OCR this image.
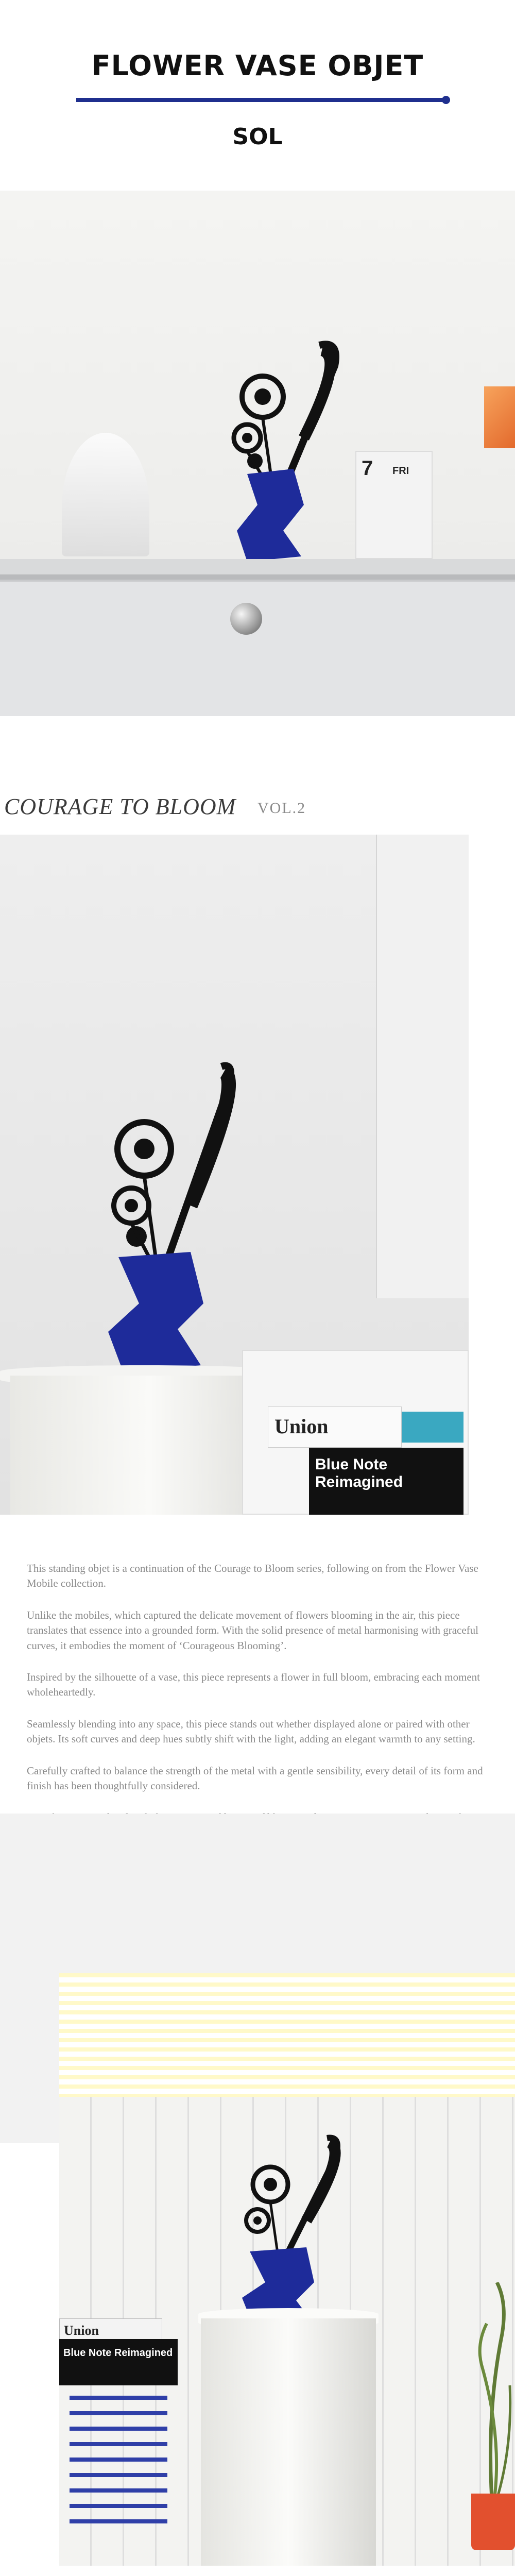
FLOWER VASE OBJET
SOL
7 FRI
COURAGE TO BLOOM VOL.2
Union
Blue Note Reimagined

This standing objet is a continuation of the Courage to Bloom series, following on from the Flower Vase Mobile collection.

Unlike the mobiles, which captured the delicate movement of flowers blooming in the air, this piece translates that essence into a grounded form. With the solid presence of metal harmonising with graceful curves, it embodies the moment of ‘Courageous Blooming’.

Inspired by the silhouette of a vase, this piece represents a flower in full bloom, embracing each moment wholeheartedly.

Seamlessly blending into any space, this piece stands out whether displayed alone or paired with other objets. Its soft curves and deep hues subtly shift with the light, adding an elegant warmth to any setting.

Carefully crafted to balance the strength of the metal with a gentle sensibility, every detail of its form and finish has been thoughtfully considered.

Union
Blue Note Reimagined
